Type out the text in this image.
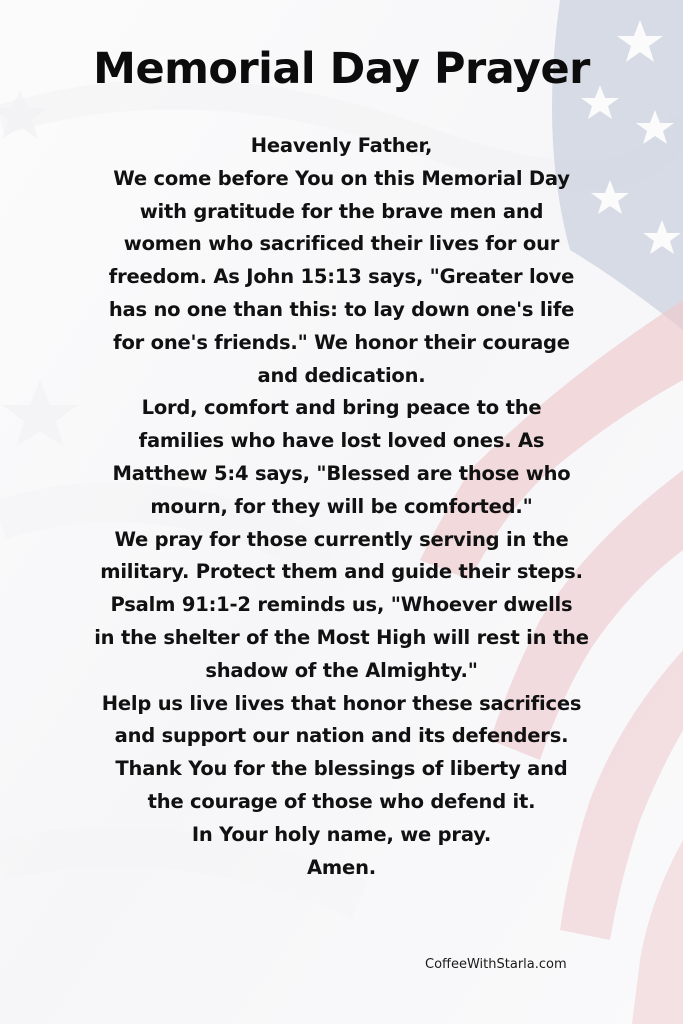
Memorial Day Prayer
Heavenly Father,
We come before You on this Memorial Day
with gratitude for the brave men and
women who sacrificed their lives for our
freedom. As John 15:13 says, "Greater love
has no one than this: to lay down one's life
for one's friends." We honor their courage
and dedication.
Lord, comfort and bring peace to the
families who have lost loved ones. As
Matthew 5:4 says, "Blessed are those who
mourn, for they will be comforted."
We pray for those currently serving in the
military. Protect them and guide their steps.
Psalm 91:1-2 reminds us, "Whoever dwells
in the shelter of the Most High will rest in the
shadow of the Almighty."
Help us live lives that honor these sacrifices
and support our nation and its defenders.
Thank You for the blessings of liberty and
the courage of those who defend it.
In Your holy name, we pray.
Amen.
CoffeeWithStarla.com
